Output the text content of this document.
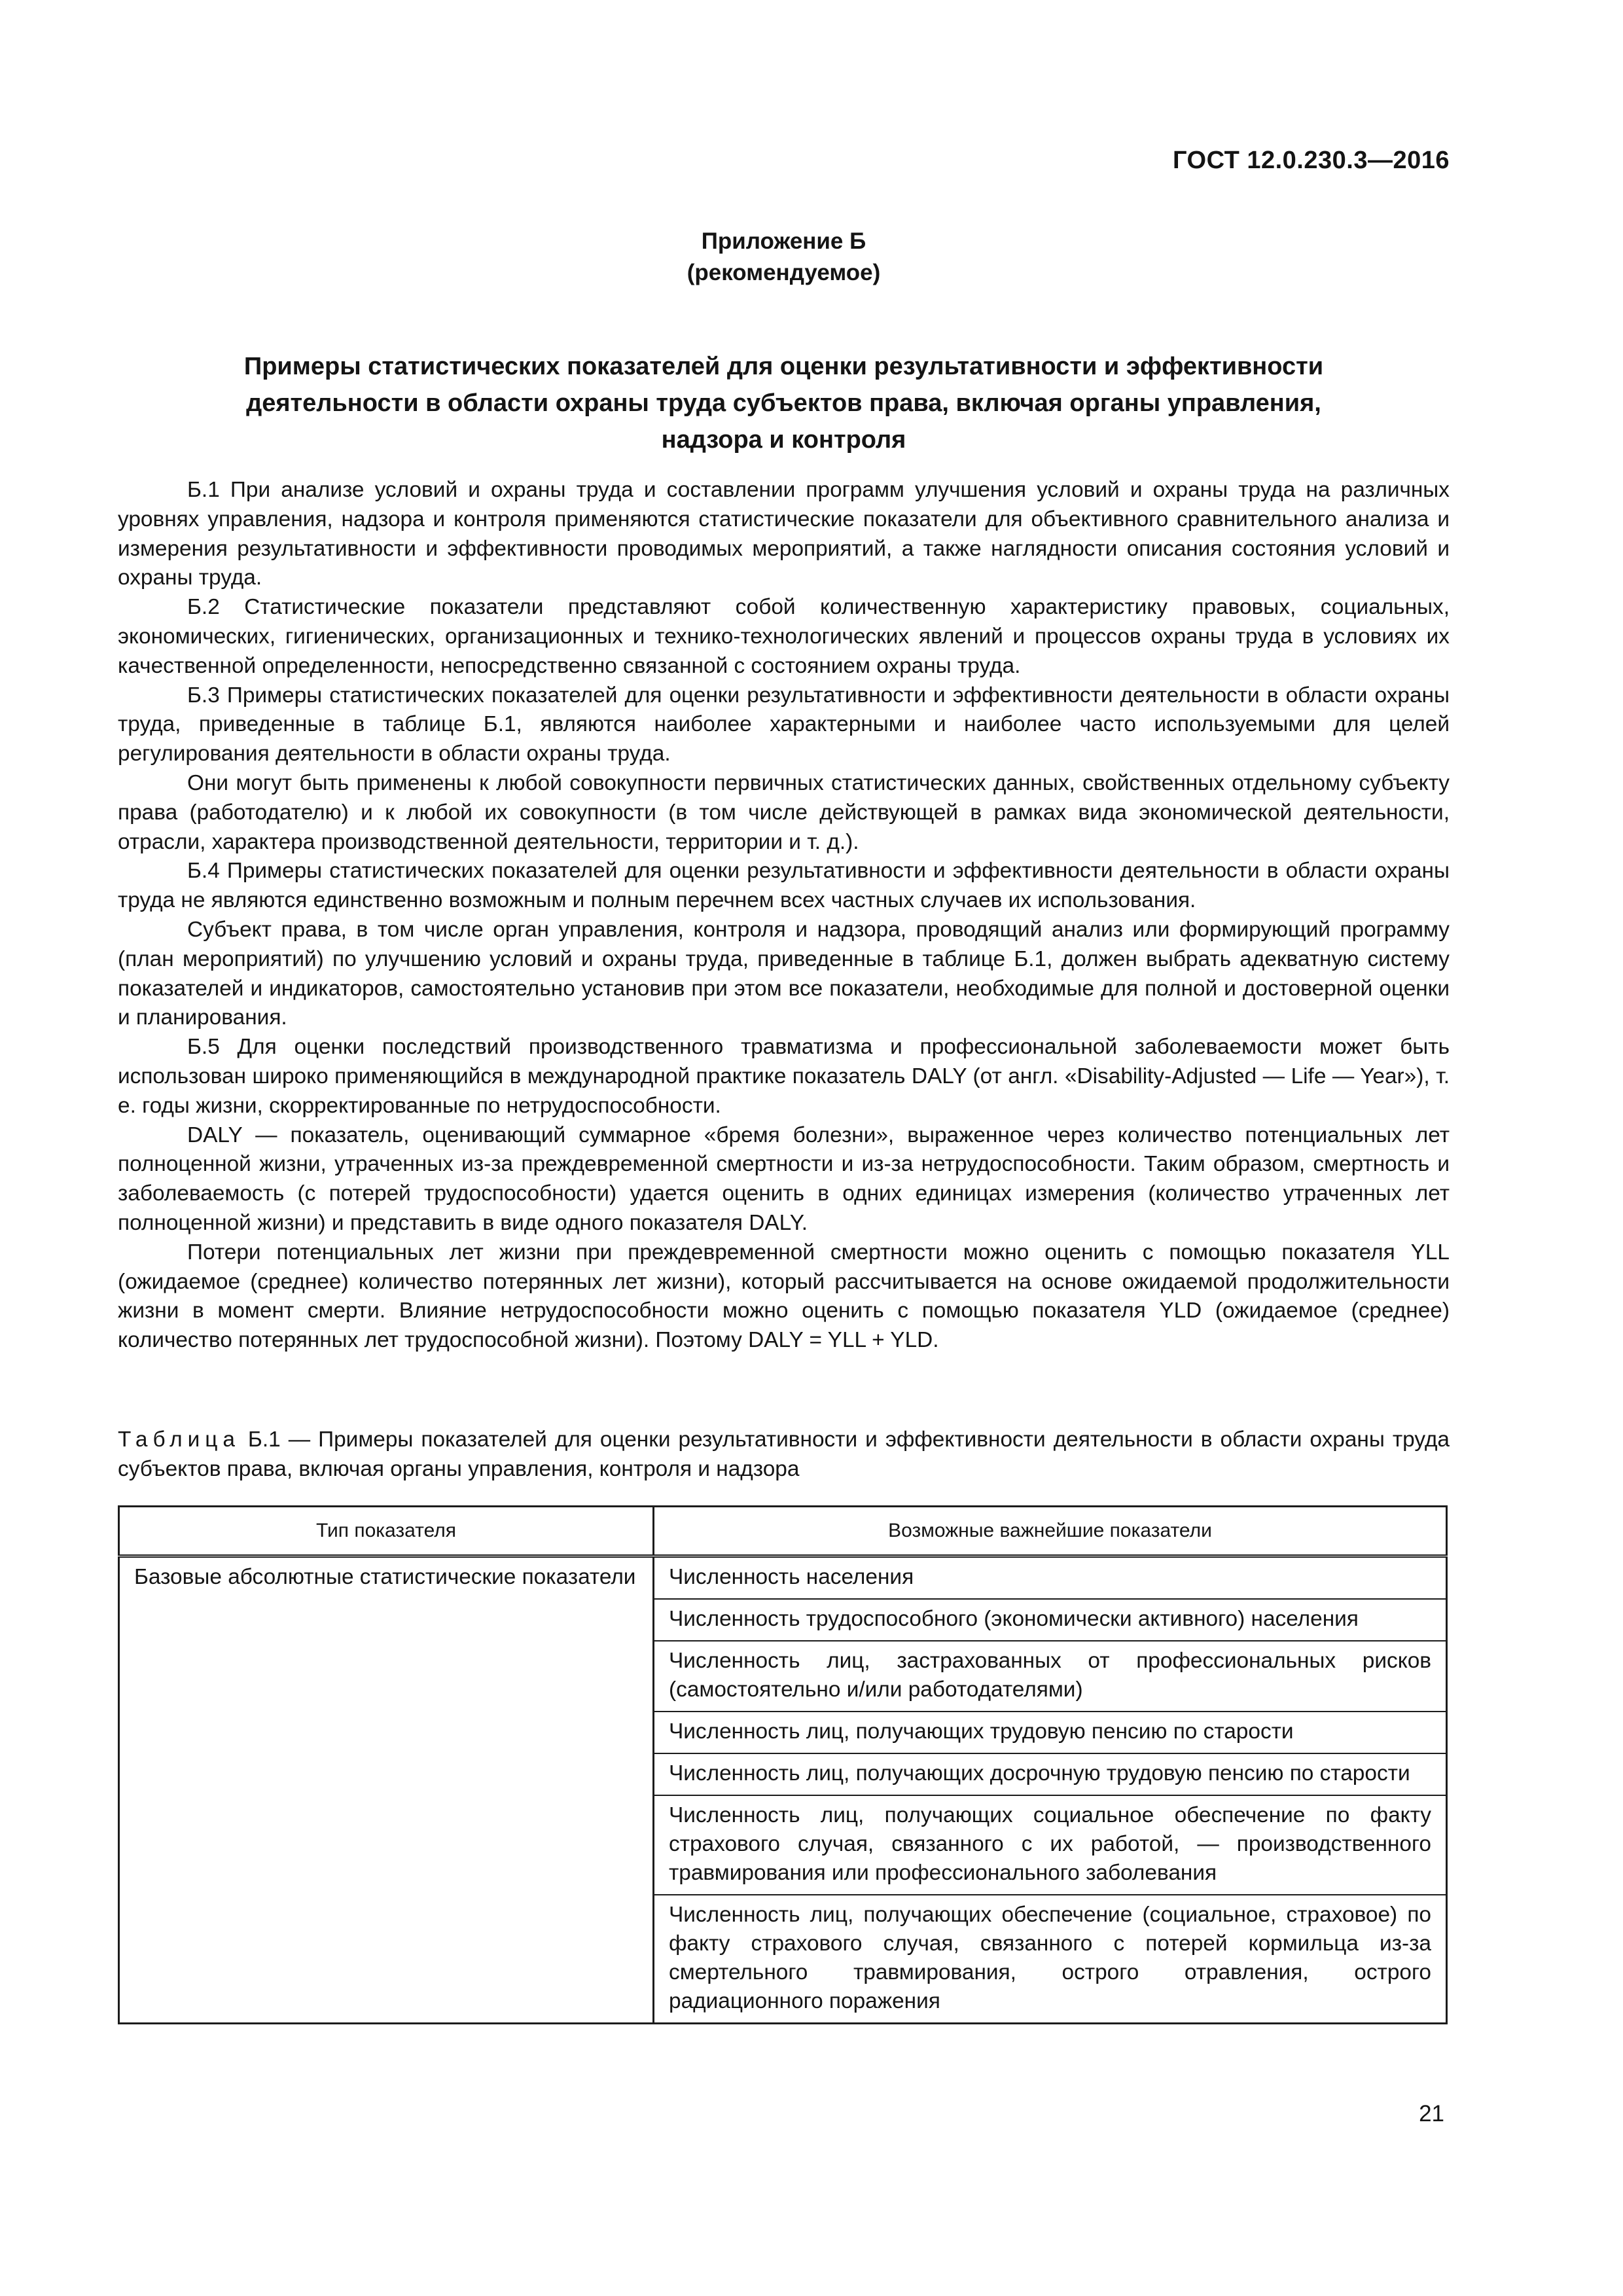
ГОСТ 12.0.230.3—2016
Приложение Б
(рекомендуемое)
Примеры статистических показателей для оценки результативности и эффективности
деятельности в области охраны труда субъектов права, включая органы управления,
надзора и контроля

Б.1 При анализе условий и охраны труда и составлении программ улучшения условий и охраны труда на различных уровнях управления, надзора и контроля применяются статистические показатели для объективного сравнительного анализа и измерения результативности и эффективности проводимых мероприятий, а также наглядности описания состояния условий и охраны труда.

Б.2 Статистические показатели представляют собой количественную характеристику правовых, социальных, экономических, гигиенических, организационных и технико-технологических явлений и процессов охраны труда в условиях их качественной определенности, непосредственно связанной с состоянием охраны труда.

Б.3 Примеры статистических показателей для оценки результативности и эффективности деятельности в области охраны труда, приведенные в таблице Б.1, являются наиболее характерными и наиболее часто используемыми для целей регулирования деятельности в области охраны труда.

Они могут быть применены к любой совокупности первичных статистических данных, свойственных отдельному субъекту права (работодателю) и к любой их совокупности (в том числе действующей в рамках вида экономической деятельности, отрасли, характера производственной деятельности, территории и т. д.).

Б.4 Примеры статистических показателей для оценки результативности и эффективности деятельности в области охраны труда не являются единственно возможным и полным перечнем всех частных случаев их использования.

Субъект права, в том числе орган управления, контроля и надзора, проводящий анализ или формирующий программу (план мероприятий) по улучшению условий и охраны труда, приведенные в таблице Б.1, должен выбрать адекватную систему показателей и индикаторов, самостоятельно установив при этом все показатели, необходимые для полной и достоверной оценки и планирования.

Б.5 Для оценки последствий производственного травматизма и профессиональной заболеваемости может быть использован широко применяющийся в международной практике показатель DALY (от англ. «Disability-Adjusted — Life — Year»), т. е. годы жизни, скорректированные по нетрудоспособности.

DALY — показатель, оценивающий суммарное «бремя болезни», выраженное через количество потенциальных лет полноценной жизни, утраченных из-за преждевременной смертности и из-за нетрудоспособности. Таким образом, смертность и заболеваемость (с потерей трудоспособности) удается оценить в одних единицах измерения (количество утраченных лет полноценной жизни) и представить в виде одного показателя DALY.

Потери потенциальных лет жизни при преждевременной смертности можно оценить с помощью показателя YLL (ожидаемое (среднее) количество потерянных лет жизни), который рассчитывается на основе ожидаемой продолжительности жизни в момент смерти. Влияние нетрудоспособности можно оценить с помощью показателя YLD (ожидаемое (среднее) количество потерянных лет трудоспособной жизни). Поэтому DALY = YLL + YLD.

Таблица Б.1 — Примеры показателей для оценки результативности и эффективности деятельности в области охраны труда субъектов права, включая органы управления, контроля и надзора
Тип показателя	Возможные важнейшие показатели
Базовые абсолютные статистические показатели	Численность населения
	Численность трудоспособного (экономически активного) населения
	Численность лиц, застрахованных от профессиональных рисков (самостоятельно и/или работодателями)
	Численность лиц, получающих трудовую пенсию по старости
	Численность лиц, получающих досрочную трудовую пенсию по старости
	Численность лиц, получающих социальное обеспечение по факту страхового случая, связанного с их работой, — производственного травмирования или профессионального заболевания
	Численность лиц, получающих обеспечение (социальное, страховое) по факту страхового случая, связанного с потерей кормильца из-за смертельного травмирования, острого отравления, острого радиационного поражения
21
